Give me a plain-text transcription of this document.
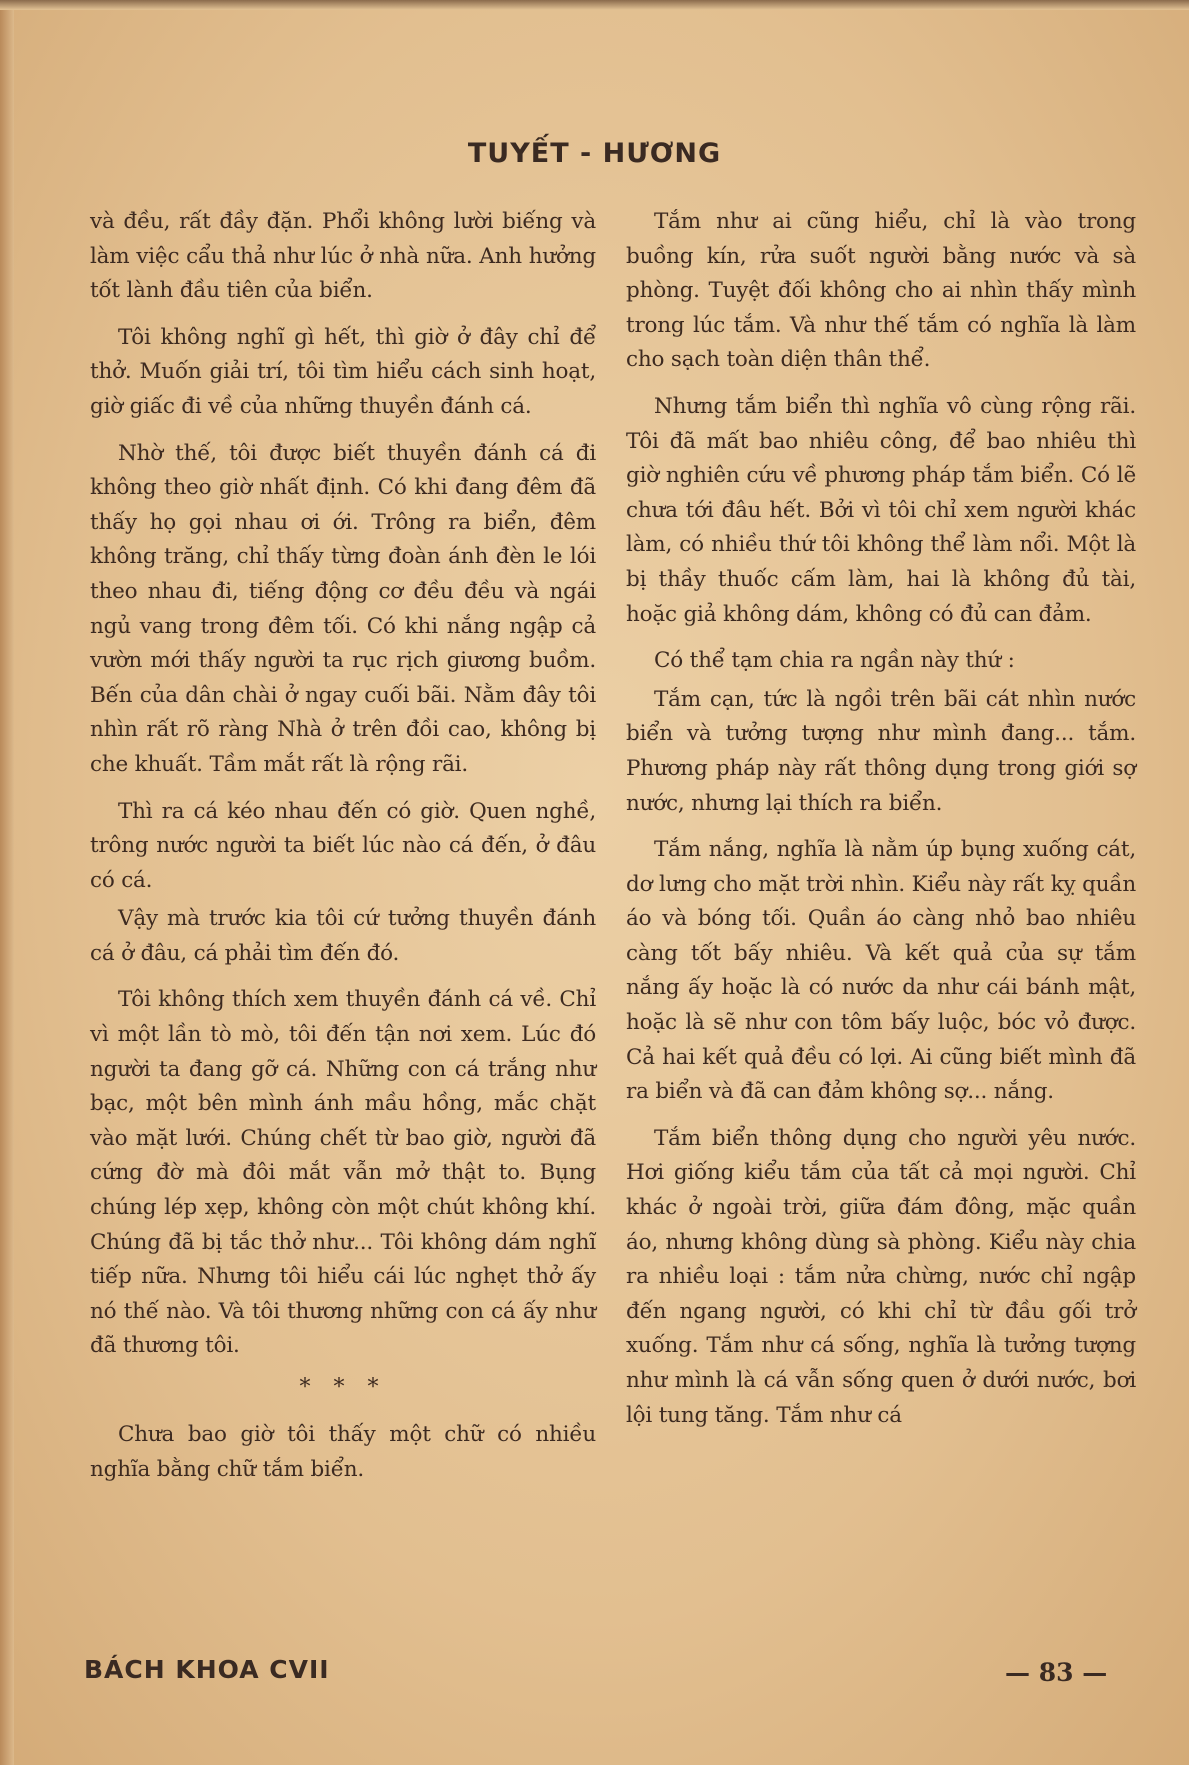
TUYẾT - HƯƠNG

và đều, rất đầy đặn. Phổi không lười biếng và làm việc cẩu thả như lúc ở nhà nữa. Anh hưởng tốt lành đầu tiên của biển.

Tôi không nghĩ gì hết, thì giờ ở đây chỉ để thở. Muốn giải trí, tôi tìm hiểu cách sinh hoạt, giờ giấc đi về của những thuyền đánh cá.

Nhờ thế, tôi được biết thuyền đánh cá đi không theo giờ nhất định. Có khi đang đêm đã thấy họ gọi nhau ơi ới. Trông ra biển, đêm không trăng, chỉ thấy từng đoàn ánh đèn le lói theo nhau đi, tiếng động cơ đều đều và ngái ngủ vang trong đêm tối. Có khi nắng ngập cả vườn mới thấy người ta rục rịch giương buồm. Bến của dân chài ở ngay cuối bãi. Nằm đây tôi nhìn rất rõ ràng Nhà ở trên đồi cao, không bị che khuất. Tầm mắt rất là rộng rãi.

Thì ra cá kéo nhau đến có giờ. Quen nghề, trông nước người ta biết lúc nào cá đến, ở đâu có cá.

Vậy mà trước kia tôi cứ tưởng thuyền đánh cá ở đâu, cá phải tìm đến đó.

Tôi không thích xem thuyền đánh cá về. Chỉ vì một lần tò mò, tôi đến tận nơi xem. Lúc đó người ta đang gỡ cá. Những con cá trắng như bạc, một bên mình ánh mầu hồng, mắc chặt vào mặt lưới. Chúng chết từ bao giờ, người đã cứng đờ mà đôi mắt vẫn mở thật to. Bụng chúng lép xẹp, không còn một chút không khí. Chúng đã bị tắc thở như... Tôi không dám nghĩ tiếp nữa. Nhưng tôi hiểu cái lúc nghẹt thở ấy nó thế nào. Và tôi thương những con cá ấy như đã thương tôi.

* * *

Chưa bao giờ tôi thấy một chữ có nhiều nghĩa bằng chữ tắm biển.

Tắm như ai cũng hiểu, chỉ là vào trong buồng kín, rửa suốt người bằng nước và sà phòng. Tuyệt đối không cho ai nhìn thấy mình trong lúc tắm. Và như thế tắm có nghĩa là làm cho sạch toàn diện thân thể.

Nhưng tắm biển thì nghĩa vô cùng rộng rãi. Tôi đã mất bao nhiêu công, để bao nhiêu thì giờ nghiên cứu về phương pháp tắm biển. Có lẽ chưa tới đâu hết. Bởi vì tôi chỉ xem người khác làm, có nhiều thứ tôi không thể làm nổi. Một là bị thầy thuốc cấm làm, hai là không đủ tài, hoặc giả không dám, không có đủ can đảm.

Có thể tạm chia ra ngần này thứ :

Tắm cạn, tức là ngồi trên bãi cát nhìn nước biển và tưởng tượng như mình đang... tắm. Phương pháp này rất thông dụng trong giới sợ nước, nhưng lại thích ra biển.

Tắm nắng, nghĩa là nằm úp bụng xuống cát, dơ lưng cho mặt trời nhìn. Kiểu này rất kỵ quần áo và bóng tối. Quần áo càng nhỏ bao nhiêu càng tốt bấy nhiêu. Và kết quả của sự tắm nắng ấy hoặc là có nước da như cái bánh mật, hoặc là sẽ như con tôm bấy luộc, bóc vỏ được. Cả hai kết quả đều có lợi. Ai cũng biết mình đã ra biển và đã can đảm không sợ... nắng.

Tắm biển thông dụng cho người yêu nước. Hơi giống kiểu tắm của tất cả mọi người. Chỉ khác ở ngoài trời, giữa đám đông, mặc quần áo, nhưng không dùng sà phòng. Kiểu này chia ra nhiều loại : tắm nửa chừng, nước chỉ ngập đến ngang người, có khi chỉ từ đầu gối trở xuống. Tắm như cá sống, nghĩa là tưởng tượng như mình là cá vẫn sống quen ở dưới nước, bơi lội tung tăng. Tắm như cá

BÁCH KHOA CVII	— 83 —
